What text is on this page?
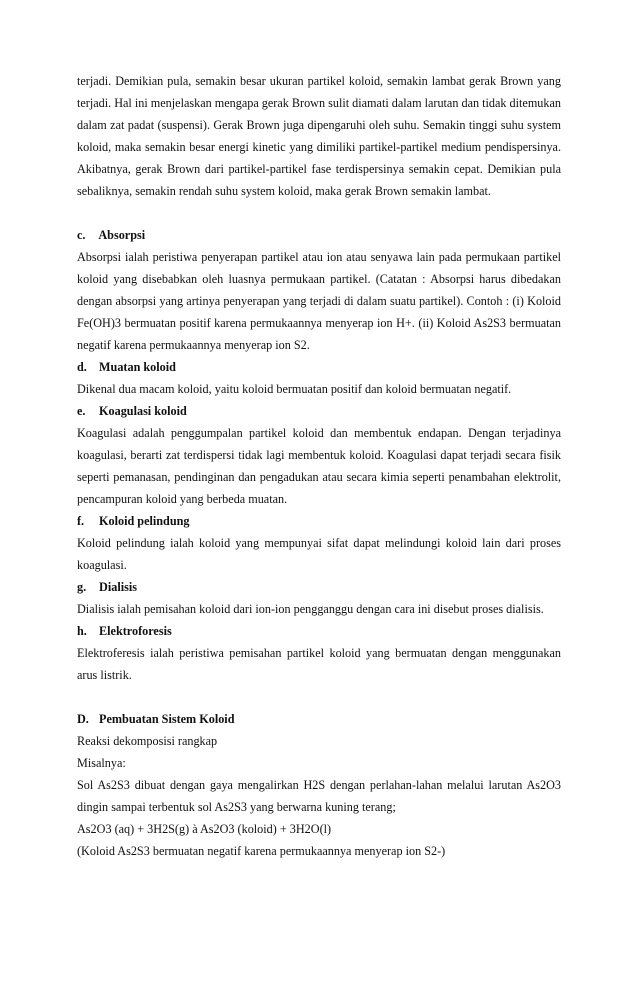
terjadi. Demikian pula, semakin besar ukuran partikel koloid, semakin lambat gerak Brown yang terjadi. Hal ini menjelaskan mengapa gerak Brown sulit diamati dalam larutan dan tidak ditemukan dalam zat padat (suspensi). Gerak Brown juga dipengaruhi oleh suhu. Semakin tinggi suhu system koloid, maka semakin besar energi kinetic yang dimiliki partikel-partikel medium pendispersinya. Akibatnya, gerak Brown dari partikel-partikel fase terdispersinya semakin cepat. Demikian pula sebaliknya, semakin rendah suhu system koloid, maka gerak Brown semakin lambat.

c. Absorpsi

Absorpsi ialah peristiwa penyerapan partikel atau ion atau senyawa lain pada permukaan partikel koloid yang disebabkan oleh luasnya permukaan partikel. (Catatan : Absorpsi harus dibedakan dengan absorpsi yang artinya penyerapan yang terjadi di dalam suatu partikel). Contoh : (i) Koloid Fe(OH)3 bermuatan positif karena permukaannya menyerap ion H+. (ii) Koloid As2S3 bermuatan negatif karena permukaannya menyerap ion S2.

d. Muatan koloid

Dikenal dua macam koloid, yaitu koloid bermuatan positif dan koloid bermuatan negatif.

e. Koagulasi koloid

Koagulasi adalah penggumpalan partikel koloid dan membentuk endapan. Dengan terjadinya koagulasi, berarti zat terdispersi tidak lagi membentuk koloid. Koagulasi dapat terjadi secara fisik seperti pemanasan, pendinginan dan pengadukan atau secara kimia seperti penambahan elektrolit, pencampuran koloid yang berbeda muatan.

f. Koloid pelindung

Koloid pelindung ialah koloid yang mempunyai sifat dapat melindungi koloid lain dari proses koagulasi.

g. Dialisis

Dialisis ialah pemisahan koloid dari ion-ion pengganggu dengan cara ini disebut proses dialisis.

h. Elektroforesis

Elektroferesis ialah peristiwa pemisahan partikel koloid yang bermuatan dengan menggunakan arus listrik.

D. Pembuatan Sistem Koloid

Reaksi dekomposisi rangkap

Misalnya:

Sol As2S3 dibuat dengan gaya mengalirkan H2S dengan perlahan-lahan melalui larutan As2O3 dingin sampai terbentuk sol As2S3 yang berwarna kuning terang;

As2O3 (aq) + 3H2S(g) à As2O3 (koloid) + 3H2O(l)

(Koloid As2S3 bermuatan negatif karena permukaannya menyerap ion S2-)
